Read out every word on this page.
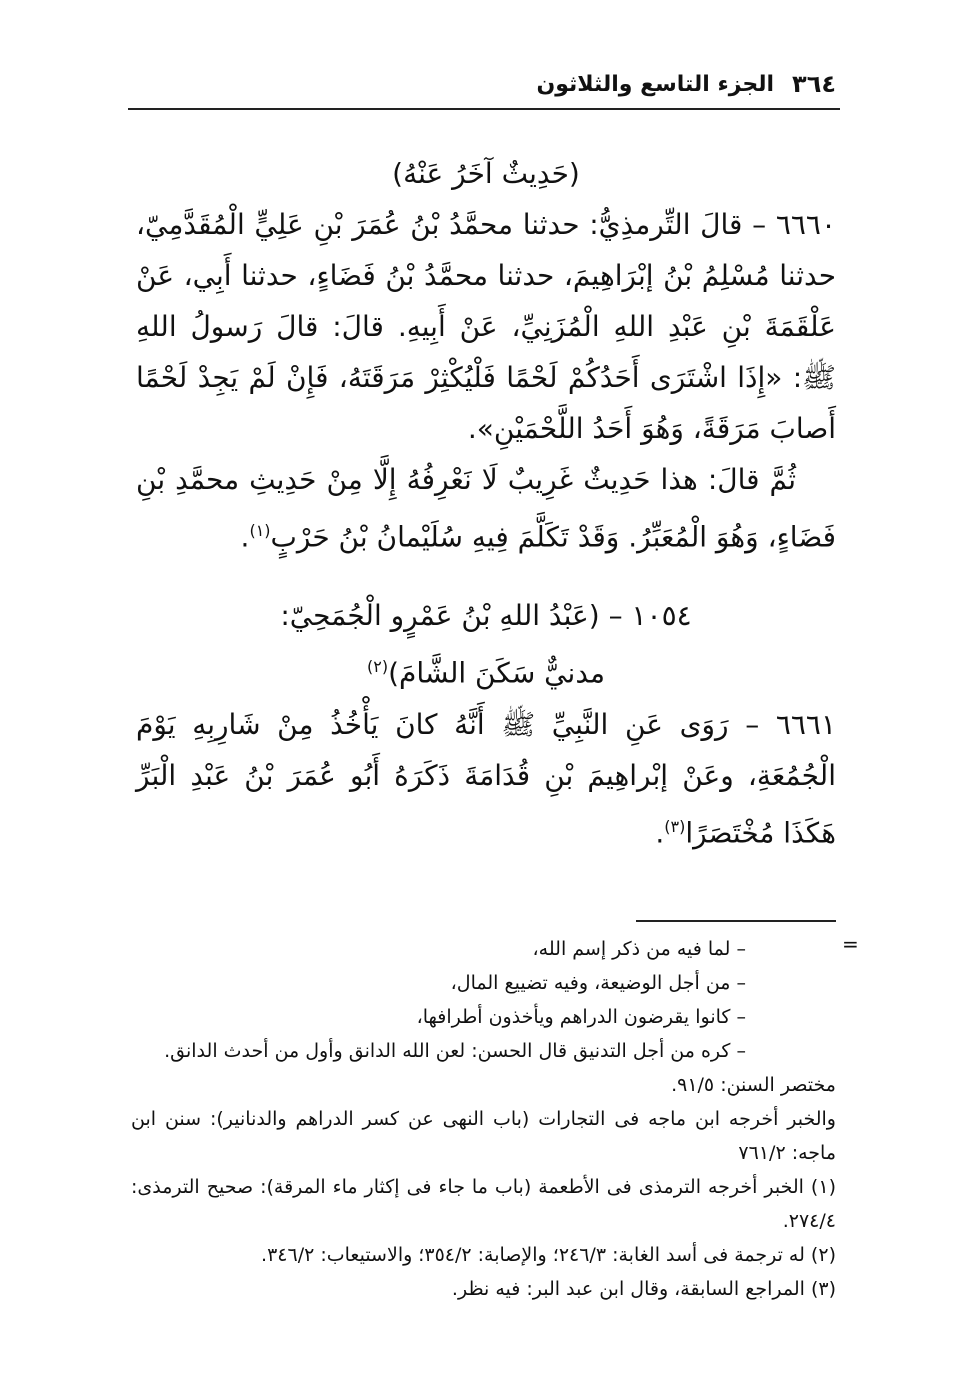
٣٦٤
الجزء التاسع والثلاثون

(حَدِيثٌ آخَرُ عَنْهُ)

٦٦٦٠ – قالَ التِّرمذِيُّ: حدثنا محمَّدُ بْنُ عُمَرَ بْنِ عَلِيٍّ الْمُقَدَّمِيّ، حدثنا مُسْلِمُ بْنُ إبْرَاهِيمَ، حدثنا محمَّدُ بْنُ فَضَاءٍ، حدثنا أَبِي، عَنْ عَلْقَمَةَ بْنِ عَبْدِ اللهِ الْمُزَنِيِّ، عَنْ أَبِيهِ. قالَ: قالَ رَسولُ اللهِ ﷺ: «إِذَا اشْتَرَى أَحَدُكُمْ لَحْمًا فَلْيُكْثِرْ مَرَقَتَهُ، فَإِنْ لَمْ يَجِدْ لَحْمًا أَصابَ مَرَقَةً، وَهُوَ أَحَدُ اللَّحْمَيْنِ».

ثُمَّ قالَ: هذا حَدِيثٌ غَرِيبٌ لَا نَعْرِفُهُ إِلَّا مِنْ حَدِيثِ محمَّدِ بْنِ فَضَاءٍ، وَهُوَ الْمُعَبِّرُ. وَقَدْ تَكَلَّمَ فِيهِ سُلَيْمانُ بْنُ حَرْبٍ$^{(١)}$.

١٠٥٤ – (عَبْدُ اللهِ بْنُ عَمْرٍو الْجُمَحِيّ:

مدنيٌّ سَكَنَ الشَّامَ)$^{(٢)}$

٦٦٦١ – رَوَى عَنِ النَّبِيِّ ﷺ أَنَّهُ كانَ يَأْخُذُ مِنْ شَارِبِهِ يَوْمَ الْجُمُعَةِ، وعَنْ إبْراهِيمَ بْنِ قُدَامَةَ ذَكَرَهُ أَبُو عُمَرَ بْنُ عَبْدِ الْبَرِّ هَكَذَا مُخْتَصَرًا$^{(٣)}$.

=

– لما فيه من ذكر إسم الله،

– من أجل الوضيعة، وفيه تضييع المال،

– كانوا يقرضون الدراهم ويأخذون أطرافها،

– كره من أجل التدنيق قال الحسن: لعن الله الدانق وأول من أحدث الدانق.

مختصر السنن: ٩١/٥.

والخبر أخرجه ابن ماجه فى التجارات (باب النهى عن كسر الدراهم والدنانير): سنن ابن ماجه: ٧٦١/٢

(١) الخبر أخرجه الترمذى فى الأطعمة (باب ما جاء فى إكثار ماء المرقة): صحيح الترمذى: ٢٧٤/٤.

(٢) له ترجمة فى أسد الغابة: ٢٤٦/٣؛ والإصابة: ٣٥٤/٢؛ والاستيعاب: ٣٤٦/٢.

(٣) المراجع السابقة، وقال ابن عبد البر: فيه نظر.
